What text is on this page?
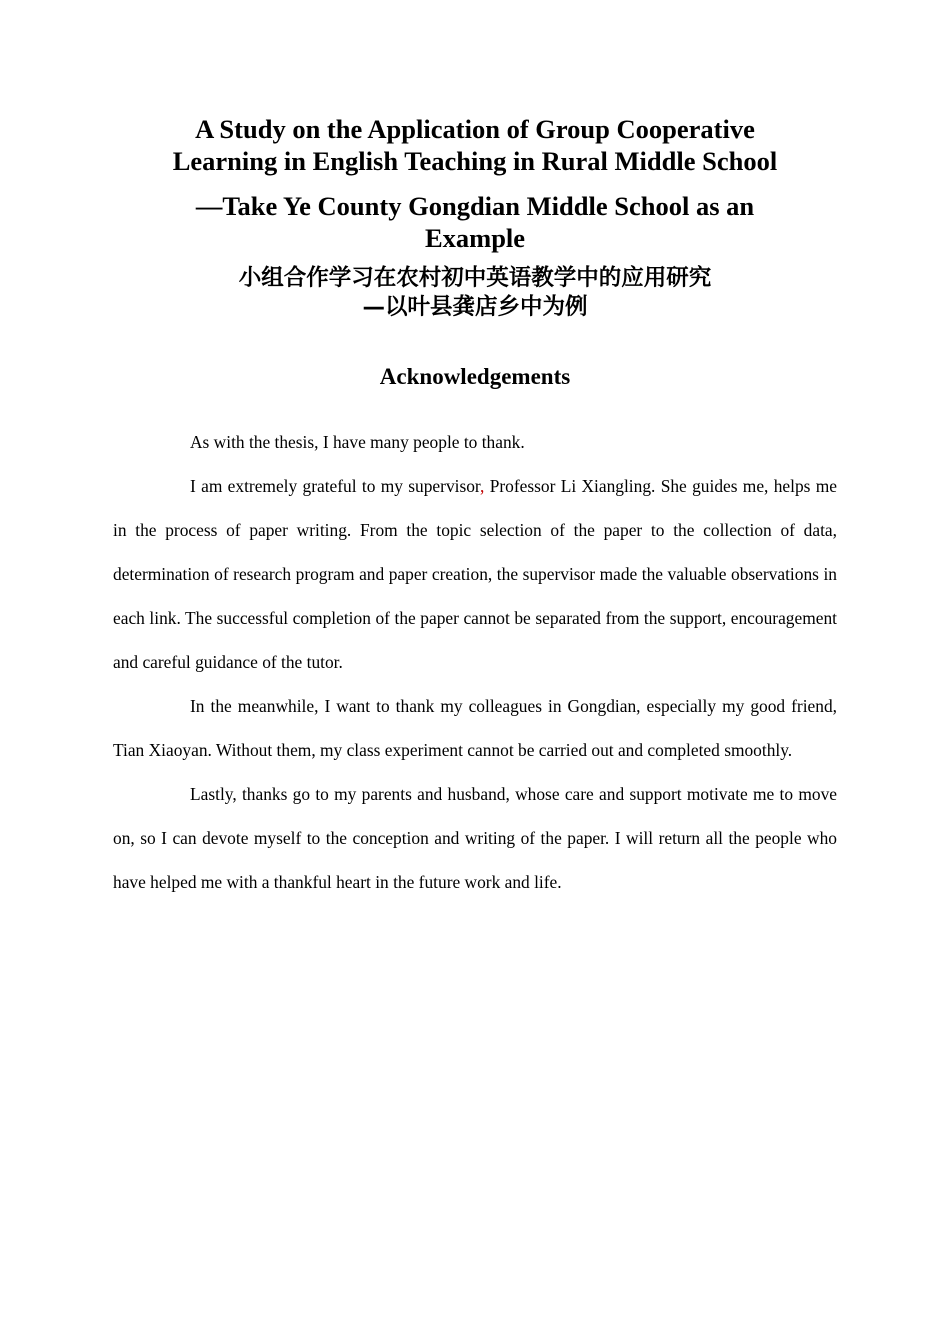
A Study on the Application of Group Cooperative
Learning in English Teaching in Rural Middle School
—Take Ye County Gongdian Middle School as an
Example
小组合作学习在农村初中英语教学中的应用研究
—以叶县龚店乡中为例
Acknowledgements

As with the thesis, I have many people to thank.

I am extremely grateful to my supervisor, Professor Li Xiangling. She guides me, helps me in the process of paper writing. From the topic selection of the paper to the collection of data, determination of research program and paper creation, the supervisor made the valuable observations in each link. The successful completion of the paper cannot be separated from the support, encouragement and careful guidance of the tutor.

In the meanwhile, I want to thank my colleagues in Gongdian, especially my good friend, Tian Xiaoyan. Without them, my class experiment cannot be carried out and completed smoothly.

Lastly, thanks go to my parents and husband, whose care and support motivate me to move on, so I can devote myself to the conception and writing of the paper. I will return all the people who have helped me with a thankful heart in the future work and life.
